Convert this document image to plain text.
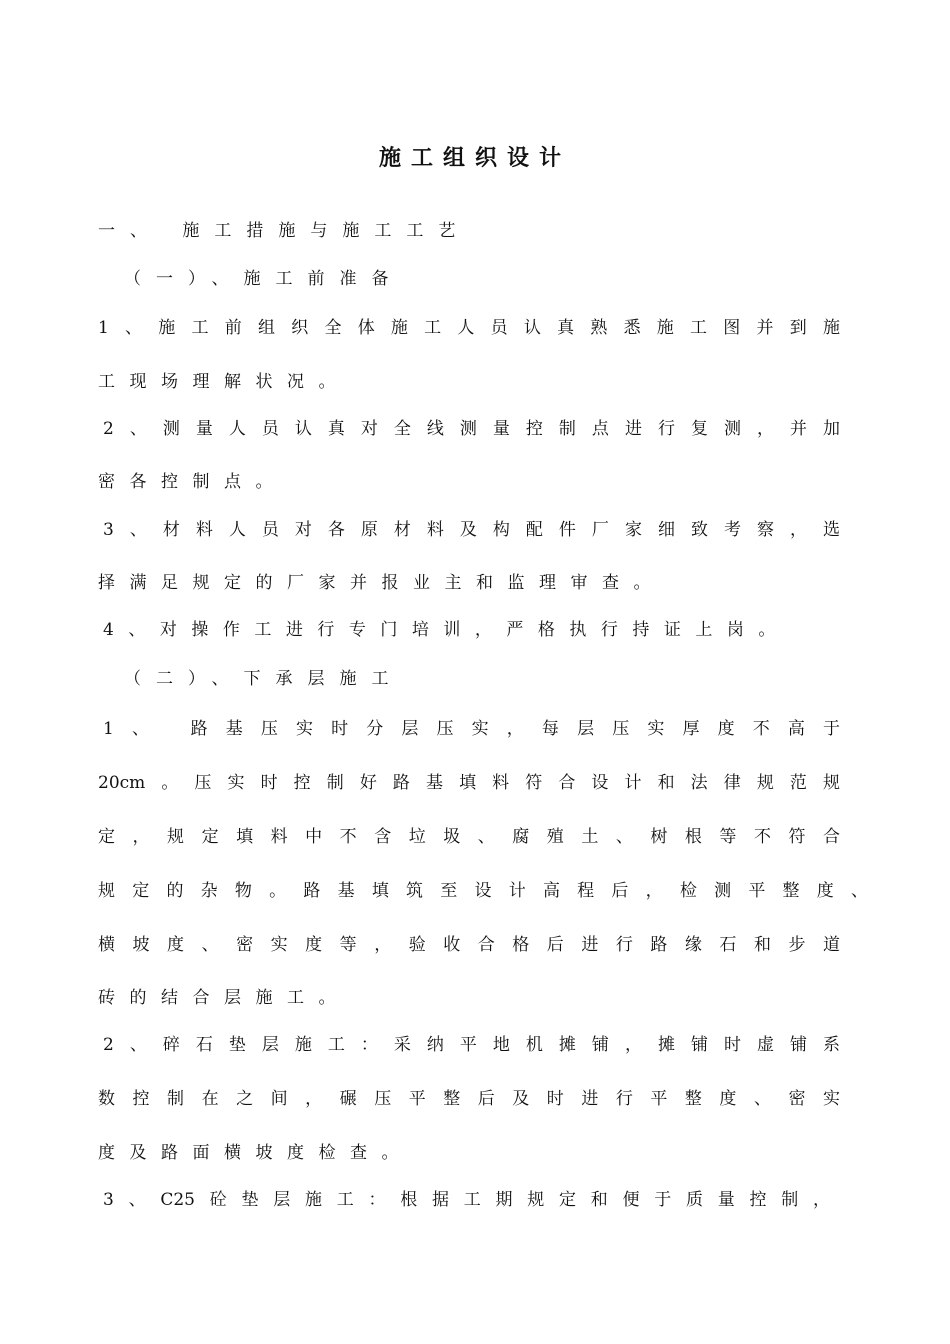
施工组织设计
一、 施工措施与施工工艺
（一）、施工前准备
1、施工前组织全体施工人员认真熟悉施工图并到施
工现场理解状况。
2、测量人员认真对全线测量控制点进行复测，并加
密各控制点。
3、材料人员对各原材料及构配件厂家细致考察，选
择满足规定的厂家并报业主和监理审查。
4、对操作工进行专门培训，严格执行持证上岗。
（二）、下承层施工
1、 路基压实时分层压实，每层压实厚度不高于
20cm。压实时控制好路基填料符合设计和法律规范规
定，规定填料中不含垃圾、腐殖土、树根等不符合
规定的杂物。路基填筑至设计高程后，检测平整度、
横坡度、密实度等，验收合格后进行路缘石和步道
砖的结合层施工。
2、碎石垫层施工：采纳平地机摊铺，摊铺时虚铺系
数控制在之间，碾压平整后及时进行平整度、密实
度及路面横坡度检查。
3、C25砼垫层施工：根据工期规定和便于质量控制，
